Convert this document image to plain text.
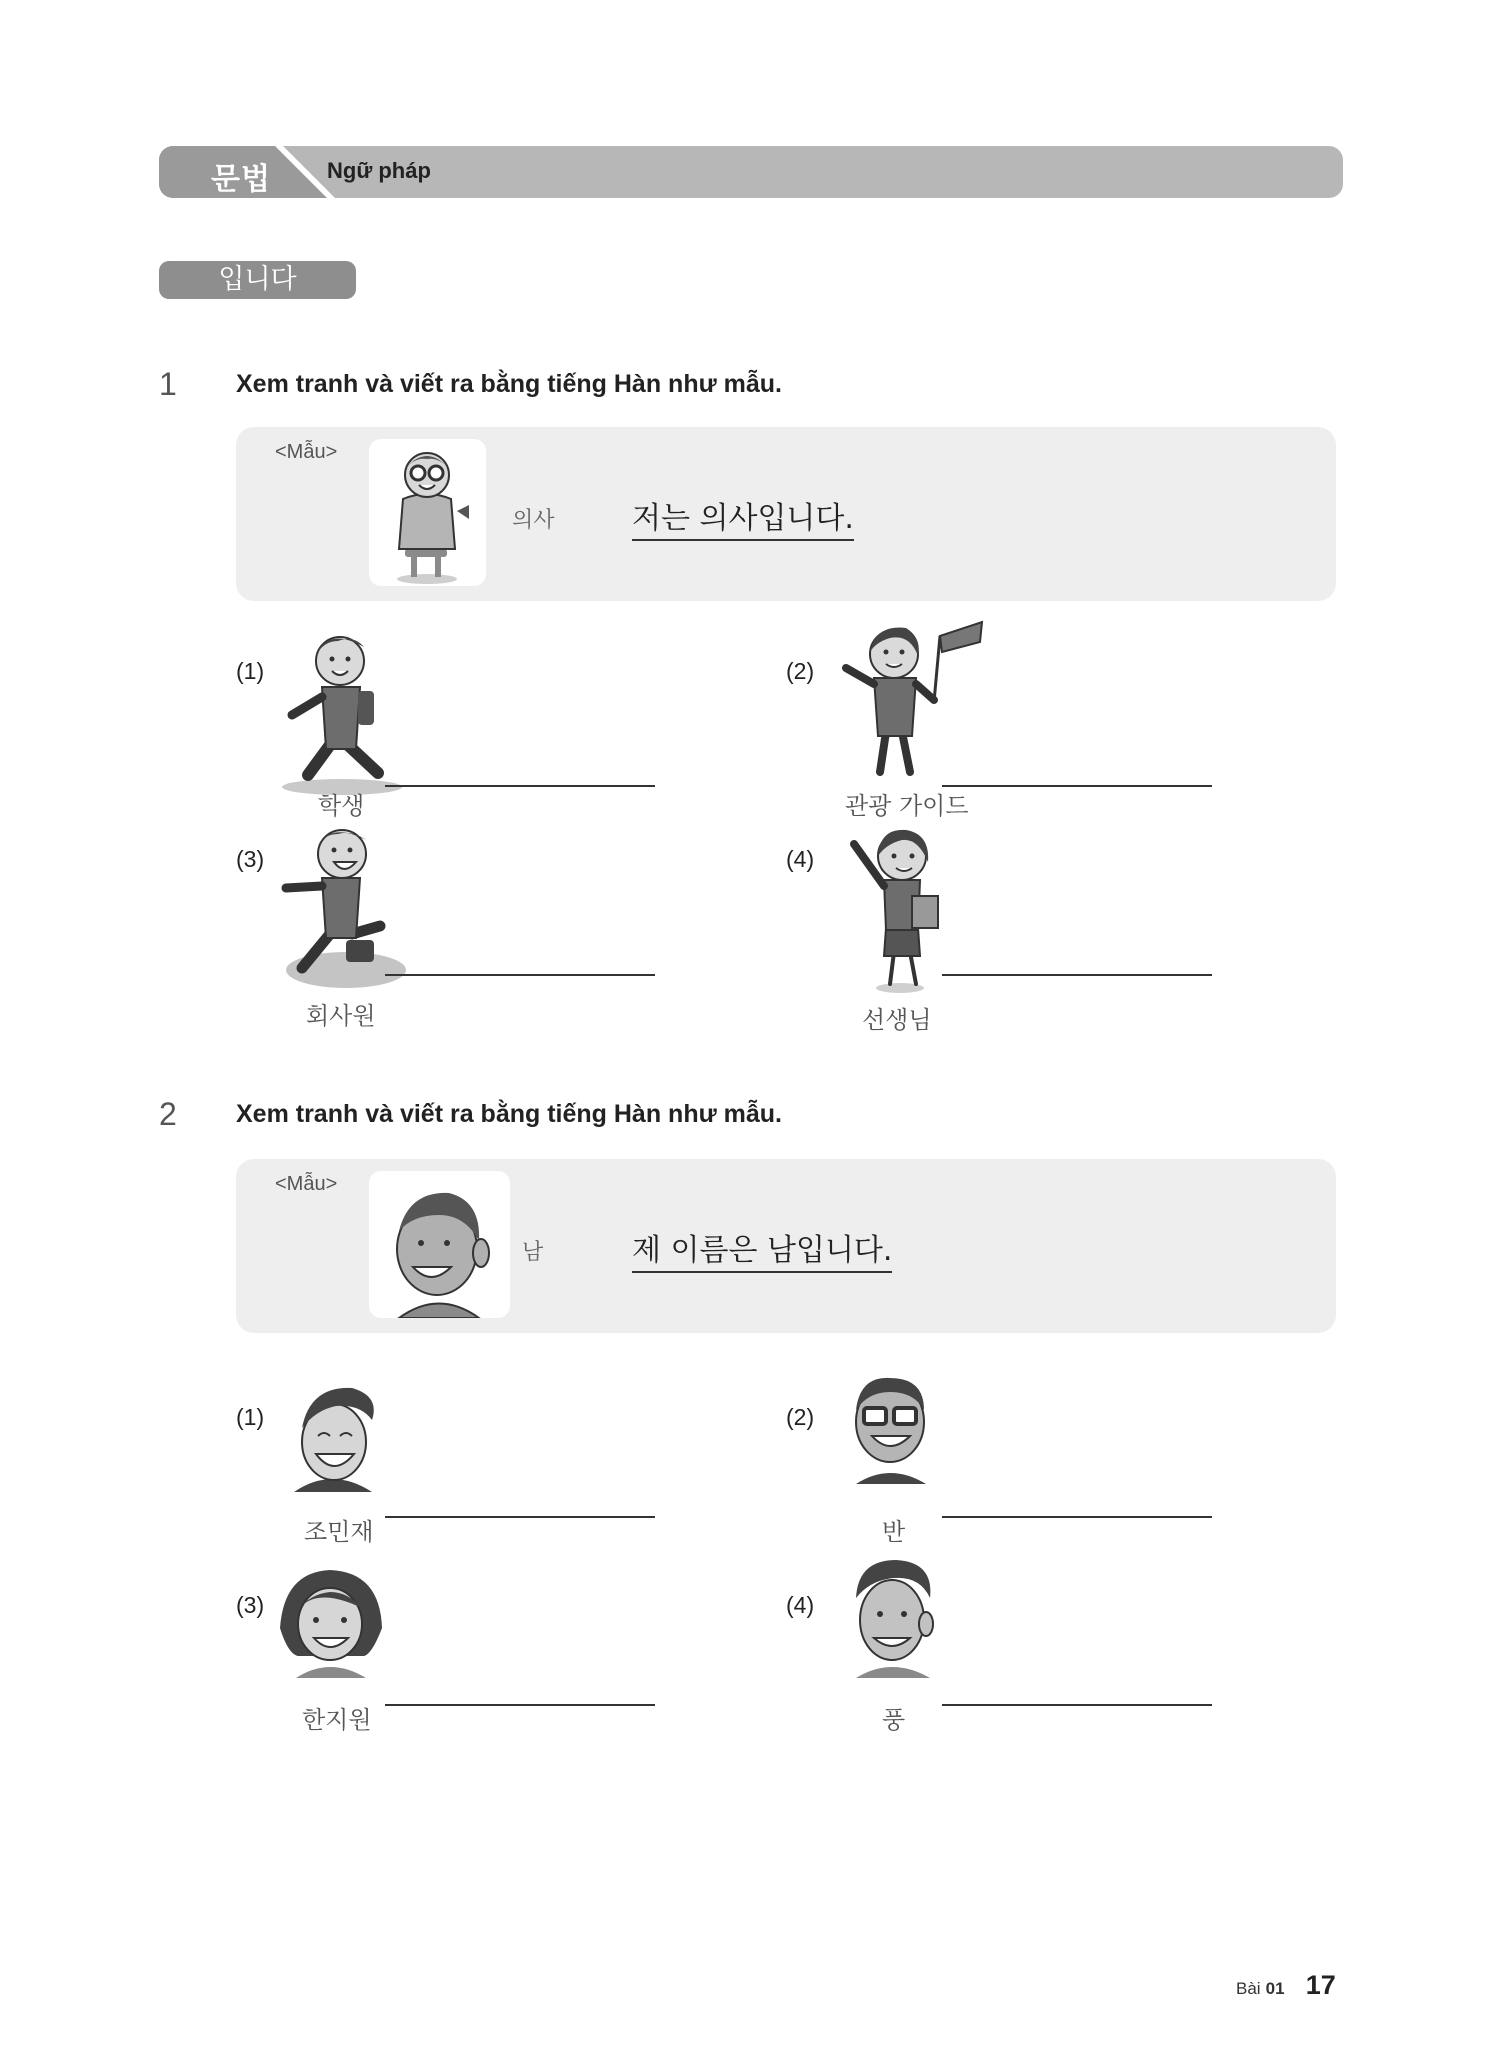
문법	Ngữ pháp
입니다
1 Xem tranh và viết ra bằng tiếng Hàn như mẫu.
<Mẫu>
의사	저는 의사입니다.
(1)
학생
(2)
관광 가이드
(3)
회사원
(4)
선생님
2 Xem tranh và viết ra bằng tiếng Hàn như mẫu.
<Mẫu>
남	제 이름은 남입니다.
(1)
조민재
(2)
반
(3)
한지원
(4)
풍
Bài 01 17
